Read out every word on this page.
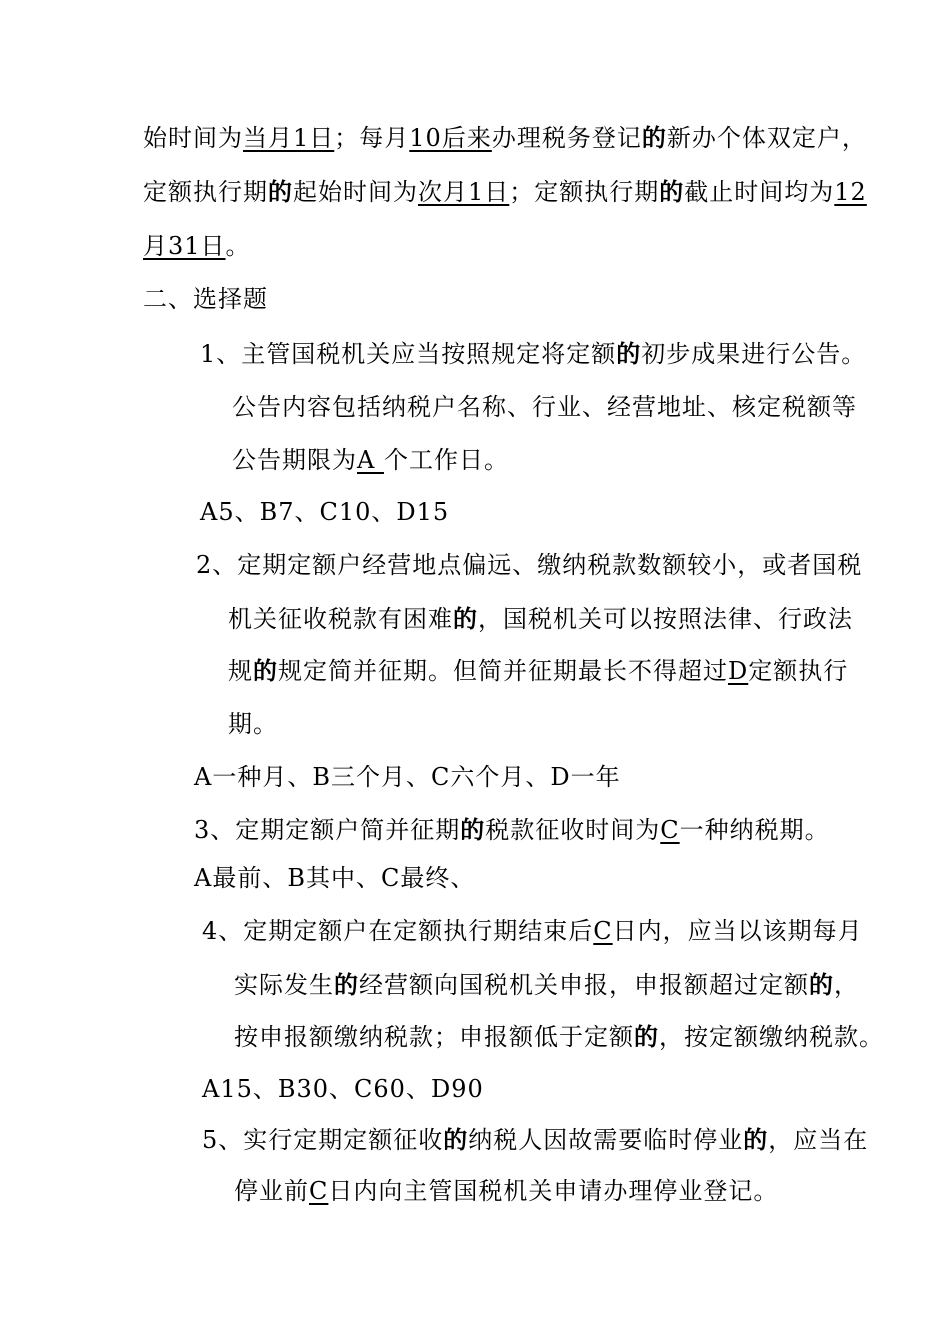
始时间为当月1日；每月10后来办理税务登记的新办个体双定户，
定额执行期的起始时间为次月1日；定额执行期的截止时间均为12
月31日。
二、选择题
1、主管国税机关应当按照规定将定额的初步成果进行公告。
公告内容包括纳税户名称、行业、经营地址、核定税额等
公告期限为A 个工作日。
A5、B7、C10、D15
2、定期定额户经营地点偏远、缴纳税款数额较小，或者国税
机关征收税款有困难的，国税机关可以按照法律、行政法
规的规定简并征期。但简并征期最长不得超过D定额执行
期。
A一种月、B三个月、C六个月、D一年
3、定期定额户简并征期的税款征收时间为C一种纳税期。
A最前、B其中、C最终、
4、定期定额户在定额执行期结束后C日内，应当以该期每月
实际发生的经营额向国税机关申报，申报额超过定额的，
按申报额缴纳税款；申报额低于定额的，按定额缴纳税款。
A15、B30、C60、D90
5、实行定期定额征收的纳税人因故需要临时停业的，应当在
停业前C日内向主管国税机关申请办理停业登记。
